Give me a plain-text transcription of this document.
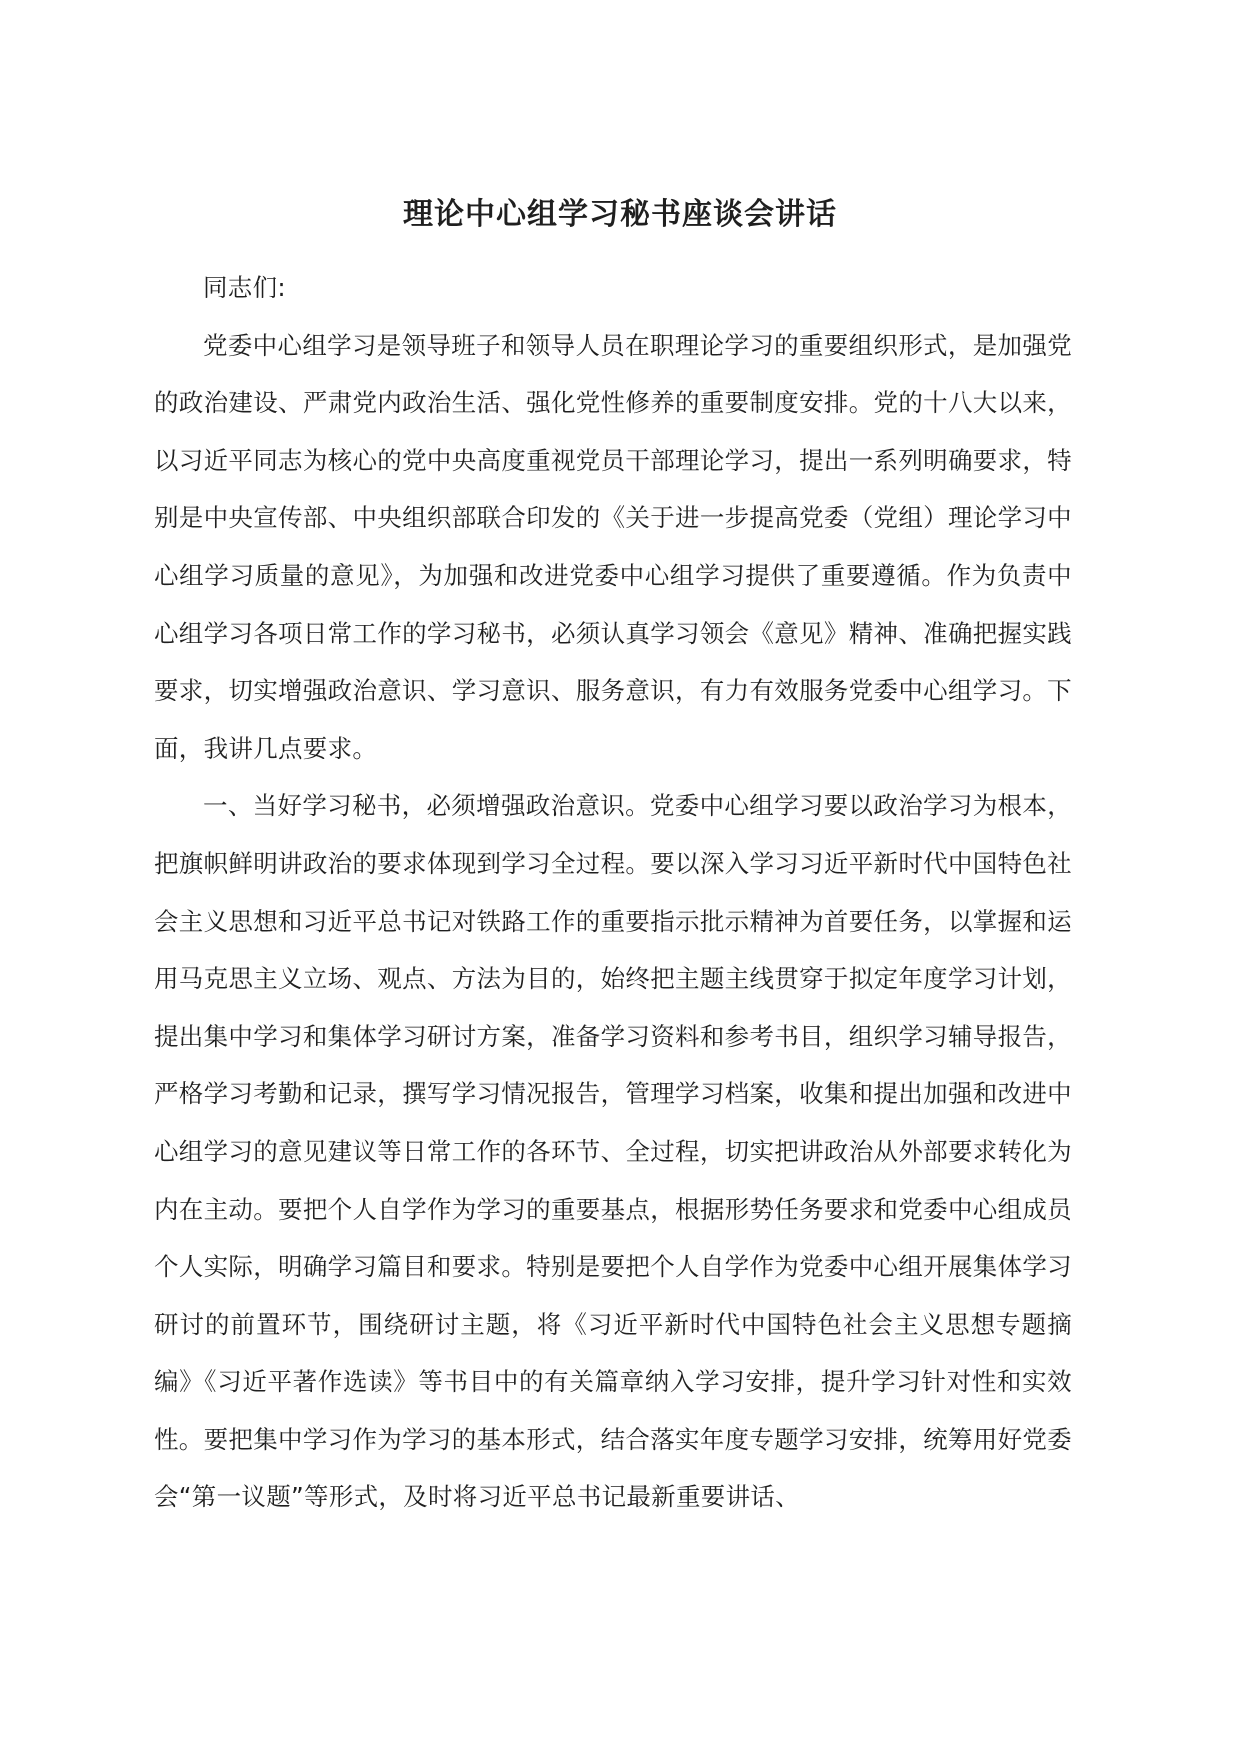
理论中心组学习秘书座谈会讲话

同志们:

党委中心组学习是领导班子和领导人员在职理论学习的重要组织形式，是加强党的政治建设、严肃党内政治生活、强化党性修养的重要制度安排。党的十八大以来，以习近平同志为核心的党中央高度重视党员干部理论学习，提出一系列明确要求，特别是中央宣传部、中央组织部联合印发的《关于进一步提高党委（党组）理论学习中心组学习质量的意见》，为加强和改进党委中心组学习提供了重要遵循。作为负责中心组学习各项日常工作的学习秘书，必须认真学习领会《意见》精神、准确把握实践要求，切实增强政治意识、学习意识、服务意识，有力有效服务党委中心组学习。下面，我讲几点要求。

一、当好学习秘书，必须增强政治意识。党委中心组学习要以政治学习为根本，把旗帜鲜明讲政治的要求体现到学习全过程。要以深入学习习近平新时代中国特色社会主义思想和习近平总书记对铁路工作的重要指示批示精神为首要任务，以掌握和运用马克思主义立场、观点、方法为目的，始终把主题主线贯穿于拟定年度学习计划，提出集中学习和集体学习研讨方案，准备学习资料和参考书目，组织学习辅导报告，严格学习考勤和记录，撰写学习情况报告，管理学习档案，收集和提出加强和改进中心组学习的意见建议等日常工作的各环节、全过程，切实把讲政治从外部要求转化为内在主动。要把个人自学作为学习的重要基点，根据形势任务要求和党委中心组成员个人实际，明确学习篇目和要求。特别是要把个人自学作为党委中心组开展集体学习研讨的前置环节，围绕研讨主题，将《习近平新时代中国特色社会主义思想专题摘编》《习近平著作选读》等书目中的有关篇章纳入学习安排，提升学习针对性和实效性。要把集中学习作为学习的基本形式，结合落实年度专题学习安排，统筹用好党委会“第一议题”等形式，及时将习近平总书记最新重要讲话、
